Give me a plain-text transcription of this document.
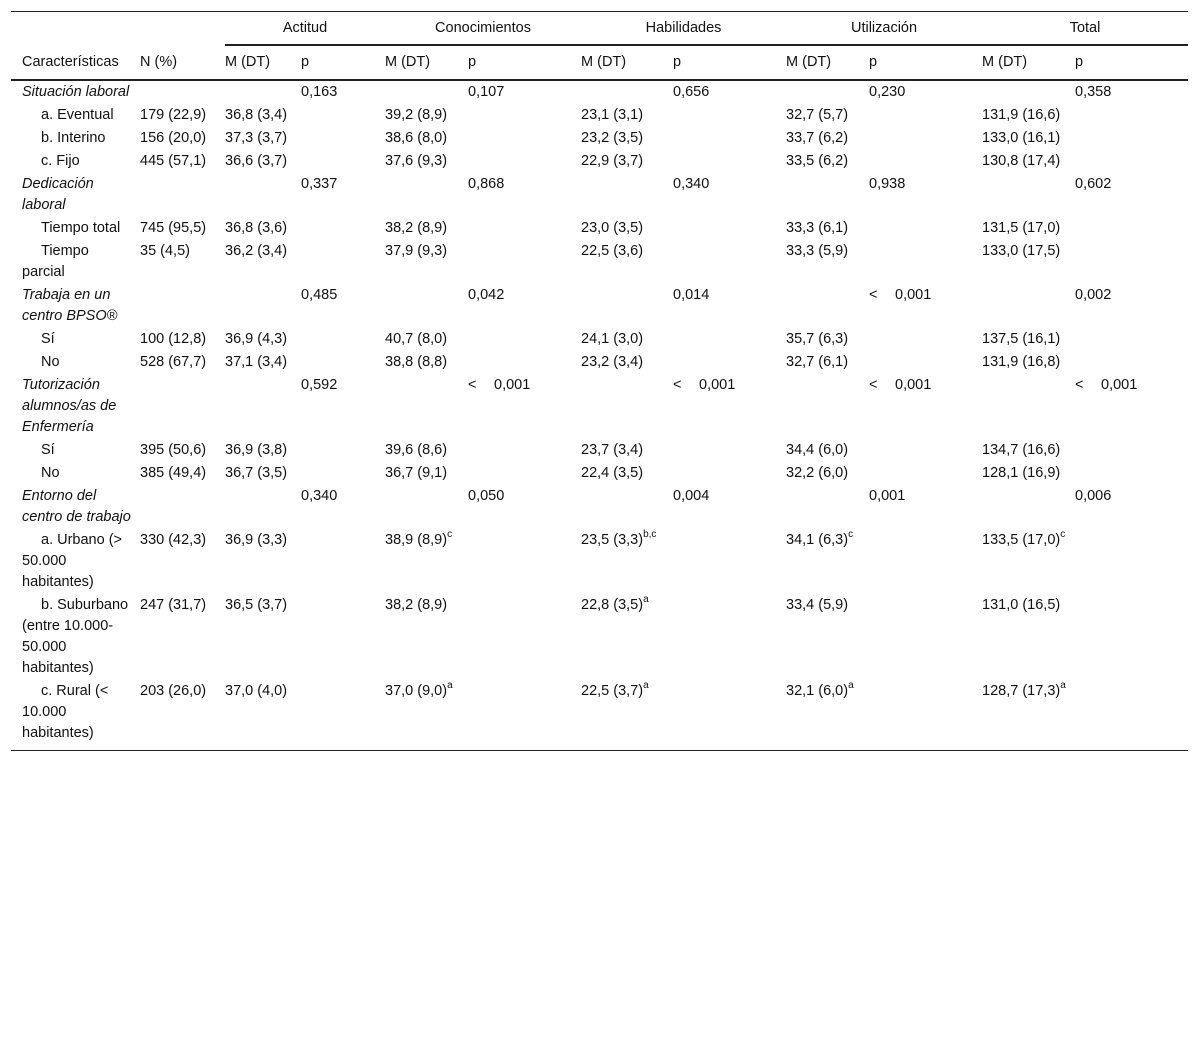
		Actitud		Conocimientos		Habilidades		Utilización		Total	
Características	N (%)	M (DT)	p	M (DT)	p	M (DT)	p	M (DT)	p	M (DT)	p
Situación laboral			0,163		0,107		0,656		0,230		0,358
a. Eventual	179 (22,9)	36,8 (3,4)		39,2 (8,9)		23,1 (3,1)		32,7 (5,7)		131,9 (16,6)	
b. Interino	156 (20,0)	37,3 (3,7)		38,6 (8,0)		23,2 (3,5)		33,7 (6,2)		133,0 (16,1)	
c. Fijo	445 (57,1)	36,6 (3,7)		37,6 (9,3)		22,9 (3,7)		33,5 (6,2)		130,8 (17,4)	
Dedicación laboral			0,337		0,868		0,340		0,938		0,602
Tiempo total	745 (95,5)	36,8 (3,6)		38,2 (8,9)		23,0 (3,5)		33,3 (6,1)		131,5 (17,0)	
Tiempo parcial	35 (4,5)	36,2 (3,4)		37,9 (9,3)		22,5 (3,6)		33,3 (5,9)		133,0 (17,5)	
Trabaja en un centro BPSO®			0,485		0,042		0,014		< 0,001		0,002
Sí	100 (12,8)	36,9 (4,3)		40,7 (8,0)		24,1 (3,0)		35,7 (6,3)		137,5 (16,1)	
No	528 (67,7)	37,1 (3,4)		38,8 (8,8)		23,2 (3,4)		32,7 (6,1)		131,9 (16,8)	
Tutorización alumnos/as de Enfermería			0,592		< 0,001		< 0,001		< 0,001		< 0,001
Sí	395 (50,6)	36,9 (3,8)		39,6 (8,6)		23,7 (3,4)		34,4 (6,0)		134,7 (16,6)	
No	385 (49,4)	36,7 (3,5)		36,7 (9,1)		22,4 (3,5)		32,2 (6,0)		128,1 (16,9)	
Entorno del centro de trabajo			0,340		0,050		0,004		0,001		0,006
a. Urbano (> 50.000 habitantes)	330 (42,3)	36,9 (3,3)		38,9 $(8,9)^c$		23,5 $(3,3)^{b,c}$		34,1 $(6,3)^c$		133,5 $(17,0)^c$	
b. Suburbano (entre 10.000-50.000 habitantes)	247 (31,7)	36,5 (3,7)		38,2 (8,9)		22,8 $(3,5)^a$		33,4 (5,9)		131,0 (16,5)	
c. Rural (< 10.000 habitantes)	203 (26,0)	37,0 (4,0)		37,0 $(9,0)^a$		22,5 $(3,7)^a$		32,1 $(6,0)^a$		128,7 $(17,3)^a$	
